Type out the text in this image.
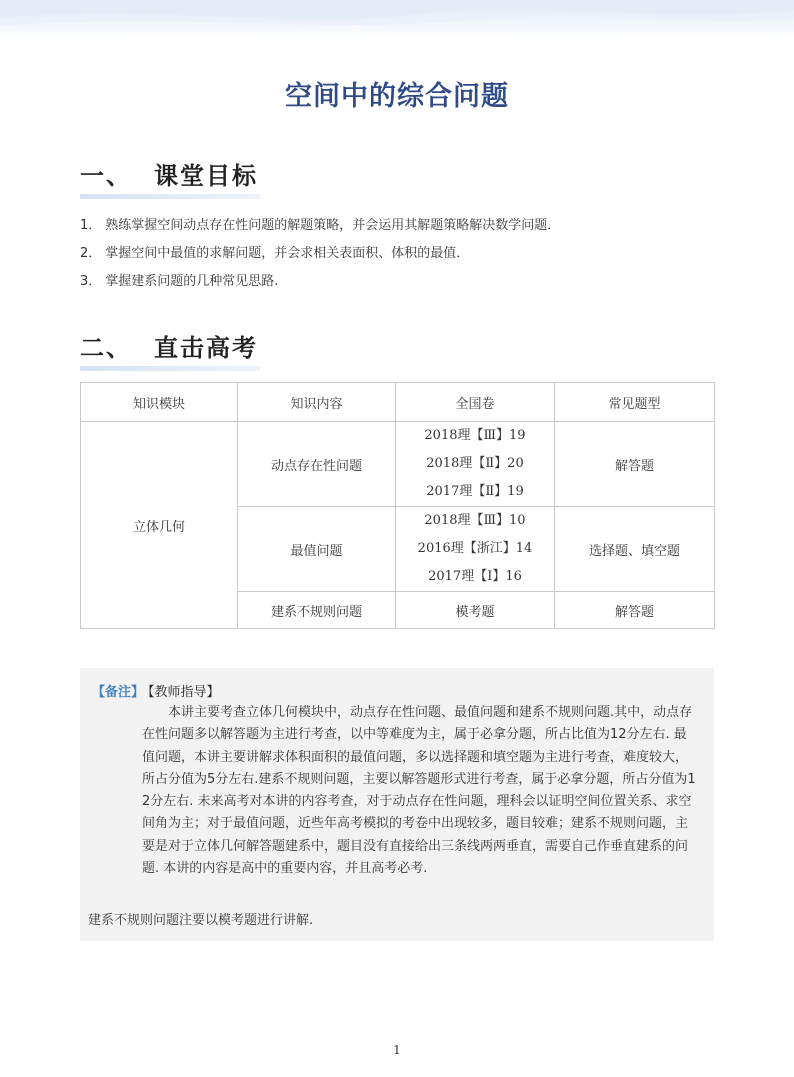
空间中的综合问题
一、 课堂目标
1． 熟练掌握空间动点存在性问题的解题策略，并会运用其解题策略解决数学问题．
2． 掌握空间中最值的求解问题，并会求相关表面积、体积的最值．
3． 掌握建系问题的几种常见思路.
二、 直击高考
知识模块	知识内容	全国卷	常见题型
立体几何	动点存在性问题	2018理【Ⅲ】19
2018理【Ⅱ】20
2017理【Ⅱ】19	解答题
	最值问题	2018理【Ⅲ】10
2016理【浙江】14
2017理【Ⅰ】16	选择题、填空题
	建系不规则问题	模考题	解答题
【备注】 【教师指导】
本讲主要考查立体几何模块中，动点存在性问题、最值问题和建系不规则问题.其中，动点存在性问题多以解答题为主进行考查，以中等难度为主，属于必拿分题，所占比值为12分左右. 最值问题，本讲主要讲解求体积面积的最值问题，多以选择题和填空题为主进行考查，难度较大，所占分值为5分左右.建系不规则问题，主要以解答题形式进行考查，属于必拿分题，所占分值为12分左右. 未来高考对本讲的内容考查，对于动点存在性问题，理科会以证明空间位置关系、求空间角为主；对于最值问题，近些年高考模拟的考卷中出现较多，题目较难；建系不规则问题，主要是对于立体几何解答题建系中，题目没有直接给出三条线两两垂直，需要自己作垂直建系的问题. 本讲的内容是高中的重要内容，并且高考必考.
建系不规则问题注要以模考题进行讲解.
1
